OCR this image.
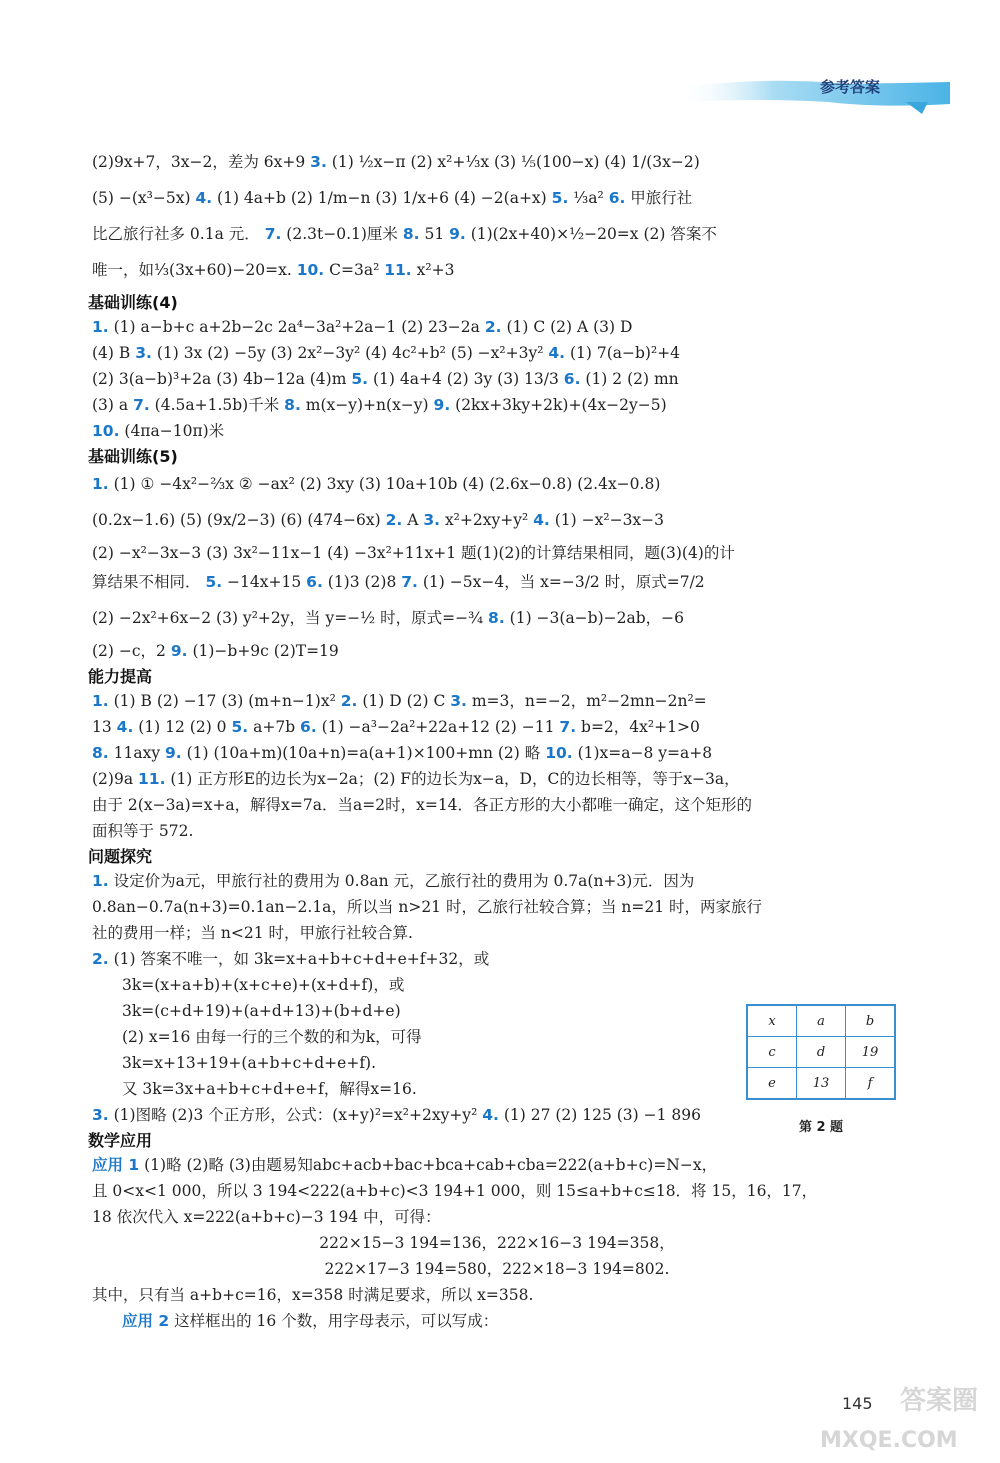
参考答案
(2)9x+7，3x−2，差为 6x+9 3. (1) ½x−π (2) x²+⅓x (3) ⅕(100−x) (4) 1/(3x−2)
(5) −(x³−5x) 4. (1) 4a+b (2) 1/m−n (3) 1/x+6 (4) −2(a+x) 5. ⅓a² 6. 甲旅行社
比乙旅行社多 0.1a 元． 7. (2.3t−0.1)厘米 8. 51 9. (1)(2x+40)×½−20=x (2) 答案不
唯一，如⅓(3x+60)−20=x. 10. C=3a² 11. x²+3
基础训练(4)
1. (1) a−b+c a+2b−2c 2a⁴−3a²+2a−1 (2) 23−2a 2. (1) C (2) A (3) D
(4) B 3. (1) 3x (2) −5y (3) 2x²−3y² (4) 4c²+b² (5) −x²+3y² 4. (1) 7(a−b)²+4
(2) 3(a−b)³+2a (3) 4b−12a (4)m 5. (1) 4a+4 (2) 3y (3) 13/3 6. (1) 2 (2) mn
(3) a 7. (4.5a+1.5b)千米 8. m(x−y)+n(x−y) 9. (2kx+3ky+2k)+(4x−2y−5)
10. (4πa−10π)米
基础训练(5)
1. (1) ① −4x²−⅔x ② −ax² (2) 3xy (3) 10a+10b (4) (2.6x−0.8) (2.4x−0.8)
(0.2x−1.6) (5) (9x/2−3) (6) (474−6x) 2. A 3. x²+2xy+y² 4. (1) −x²−3x−3
(2) −x²−3x−3 (3) 3x²−11x−1 (4) −3x²+11x+1 题(1)(2)的计算结果相同，题(3)(4)的计
算结果不相同． 5. −14x+15 6. (1)3 (2)8 7. (1) −5x−4，当 x=−3/2 时，原式=7/2
(2) −2x²+6x−2 (3) y²+2y，当 y=−½ 时，原式=−¾ 8. (1) −3(a−b)−2ab，−6
(2) −c，2 9. (1)−b+9c (2)T=19
能力提高
1. (1) B (2) −17 (3) (m+n−1)x² 2. (1) D (2) C 3. m=3，n=−2，m²−2mn−2n²=
13 4. (1) 12 (2) 0 5. a+7b 6. (1) −a³−2a²+22a+12 (2) −11 7. b=2，4x²+1>0
8. 11axy 9. (1) (10a+m)(10a+n)=a(a+1)×100+mn (2) 略 10. (1)x=a−8 y=a+8
(2)9a 11. (1) 正方形E的边长为x−2a；(2) F的边长为x−a，D，C的边长相等，等于x−3a，
由于 2(x−3a)=x+a，解得x=7a．当a=2时，x=14．各正方形的大小都唯一确定，这个矩形的
面积等于 572.
问题探究
1. 设定价为a元，甲旅行社的费用为 0.8an 元，乙旅行社的费用为 0.7a(n+3)元．因为
0.8an−0.7a(n+3)=0.1an−2.1a，所以当 n>21 时，乙旅行社较合算；当 n=21 时，两家旅行
社的费用一样；当 n<21 时，甲旅行社较合算.
2. (1) 答案不唯一，如 3k=x+a+b+c+d+e+f+32，或
3k=(x+a+b)+(x+c+e)+(x+d+f)，或
3k=(c+d+19)+(a+d+13)+(b+d+e)
(2) x=16 由每一行的三个数的和为k，可得
3k=x+13+19+(a+b+c+d+e+f).
又 3k=3x+a+b+c+d+e+f，解得x=16.
3. (1)图略 (2)3 个正方形，公式：(x+y)²=x²+2xy+y² 4. (1) 27 (2) 125 (3) −1 896
数学应用
应用 1 (1)略 (2)略 (3)由题易知abc+acb+bac+bca+cab+cba=222(a+b+c)=N−x，
且 0<x<1 000，所以 3 194<222(a+b+c)<3 194+1 000，则 15≤a+b+c≤18．将 15，16，17，
18 依次代入 x=222(a+b+c)−3 194 中，可得：
222×15−3 194=136，222×16−3 194=358，
222×17−3 194=580，222×18−3 194=802.
其中，只有当 a+b+c=16，x=358 时满足要求，所以 x=358.
应用 2 这样框出的 16 个数，用字母表示，可以写成：
x	a	b
c	d	19
e	13	f
第 2 题
145 答案圈
MXQE.COM
